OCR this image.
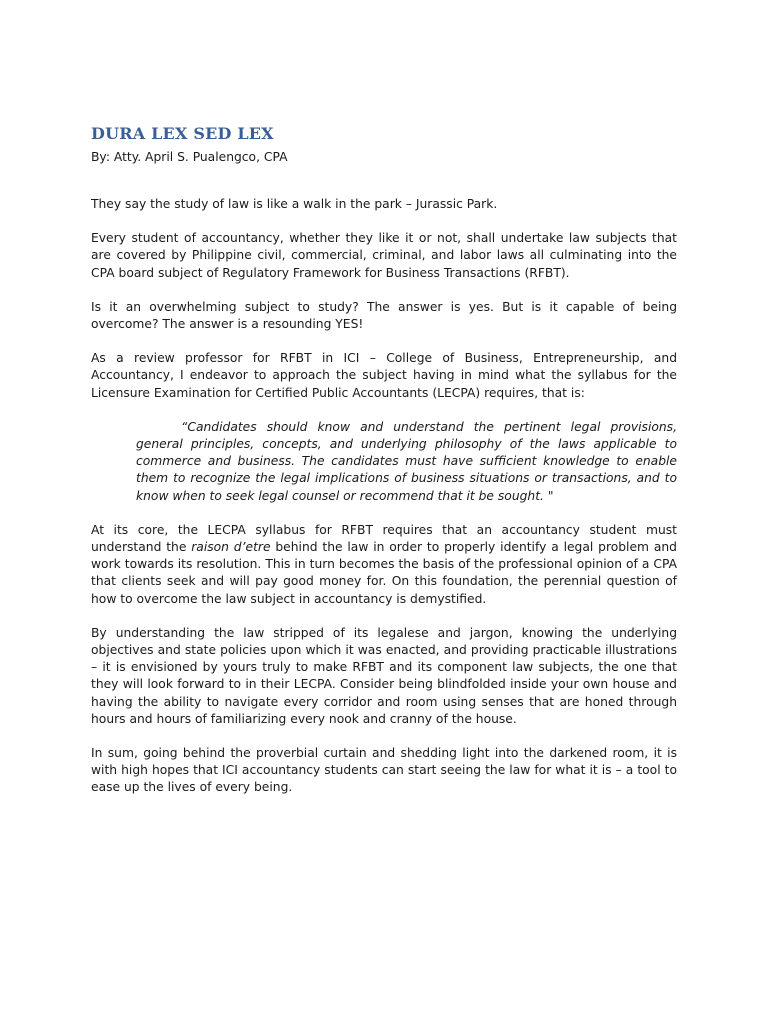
DURA LEX SED LEX
By: Atty. April S. Pualengco, CPA

They say the study of law is like a walk in the park – Jurassic Park.

Every student of accountancy, whether they like it or not, shall undertake law subjects that are covered by Philippine civil, commercial, criminal, and labor laws all culminating into the CPA board subject of Regulatory Framework for Business Transactions (RFBT).

Is it an overwhelming subject to study? The answer is yes. But is it capable of being overcome? The answer is a resounding YES!

As a review professor for RFBT in ICI – College of Business, Entrepreneurship, and Accountancy, I endeavor to approach the subject having in mind what the syllabus for the Licensure Examination for Certified Public Accountants (LECPA) requires, that is:

“Candidates should know and understand the pertinent legal provisions, general principles, concepts, and underlying philosophy of the laws applicable to commerce and business. The candidates must have sufficient knowledge to enable them to recognize the legal implications of business situations or transactions, and to know when to seek legal counsel or recommend that it be sought. "

At its core, the LECPA syllabus for RFBT requires that an accountancy student must understand the raison d’etre behind the law in order to properly identify a legal problem and work towards its resolution. This in turn becomes the basis of the professional opinion of a CPA that clients seek and will pay good money for. On this foundation, the perennial question of how to overcome the law subject in accountancy is demystified.

By understanding the law stripped of its legalese and jargon, knowing the underlying objectives and state policies upon which it was enacted, and providing practicable illustrations – it is envisioned by yours truly to make RFBT and its component law subjects, the one that they will look forward to in their LECPA. Consider being blindfolded inside your own house and having the ability to navigate every corridor and room using senses that are honed through hours and hours of familiarizing every nook and cranny of the house.

In sum, going behind the proverbial curtain and shedding light into the darkened room, it is with high hopes that ICI accountancy students can start seeing the law for what it is – a tool to ease up the lives of every being.
